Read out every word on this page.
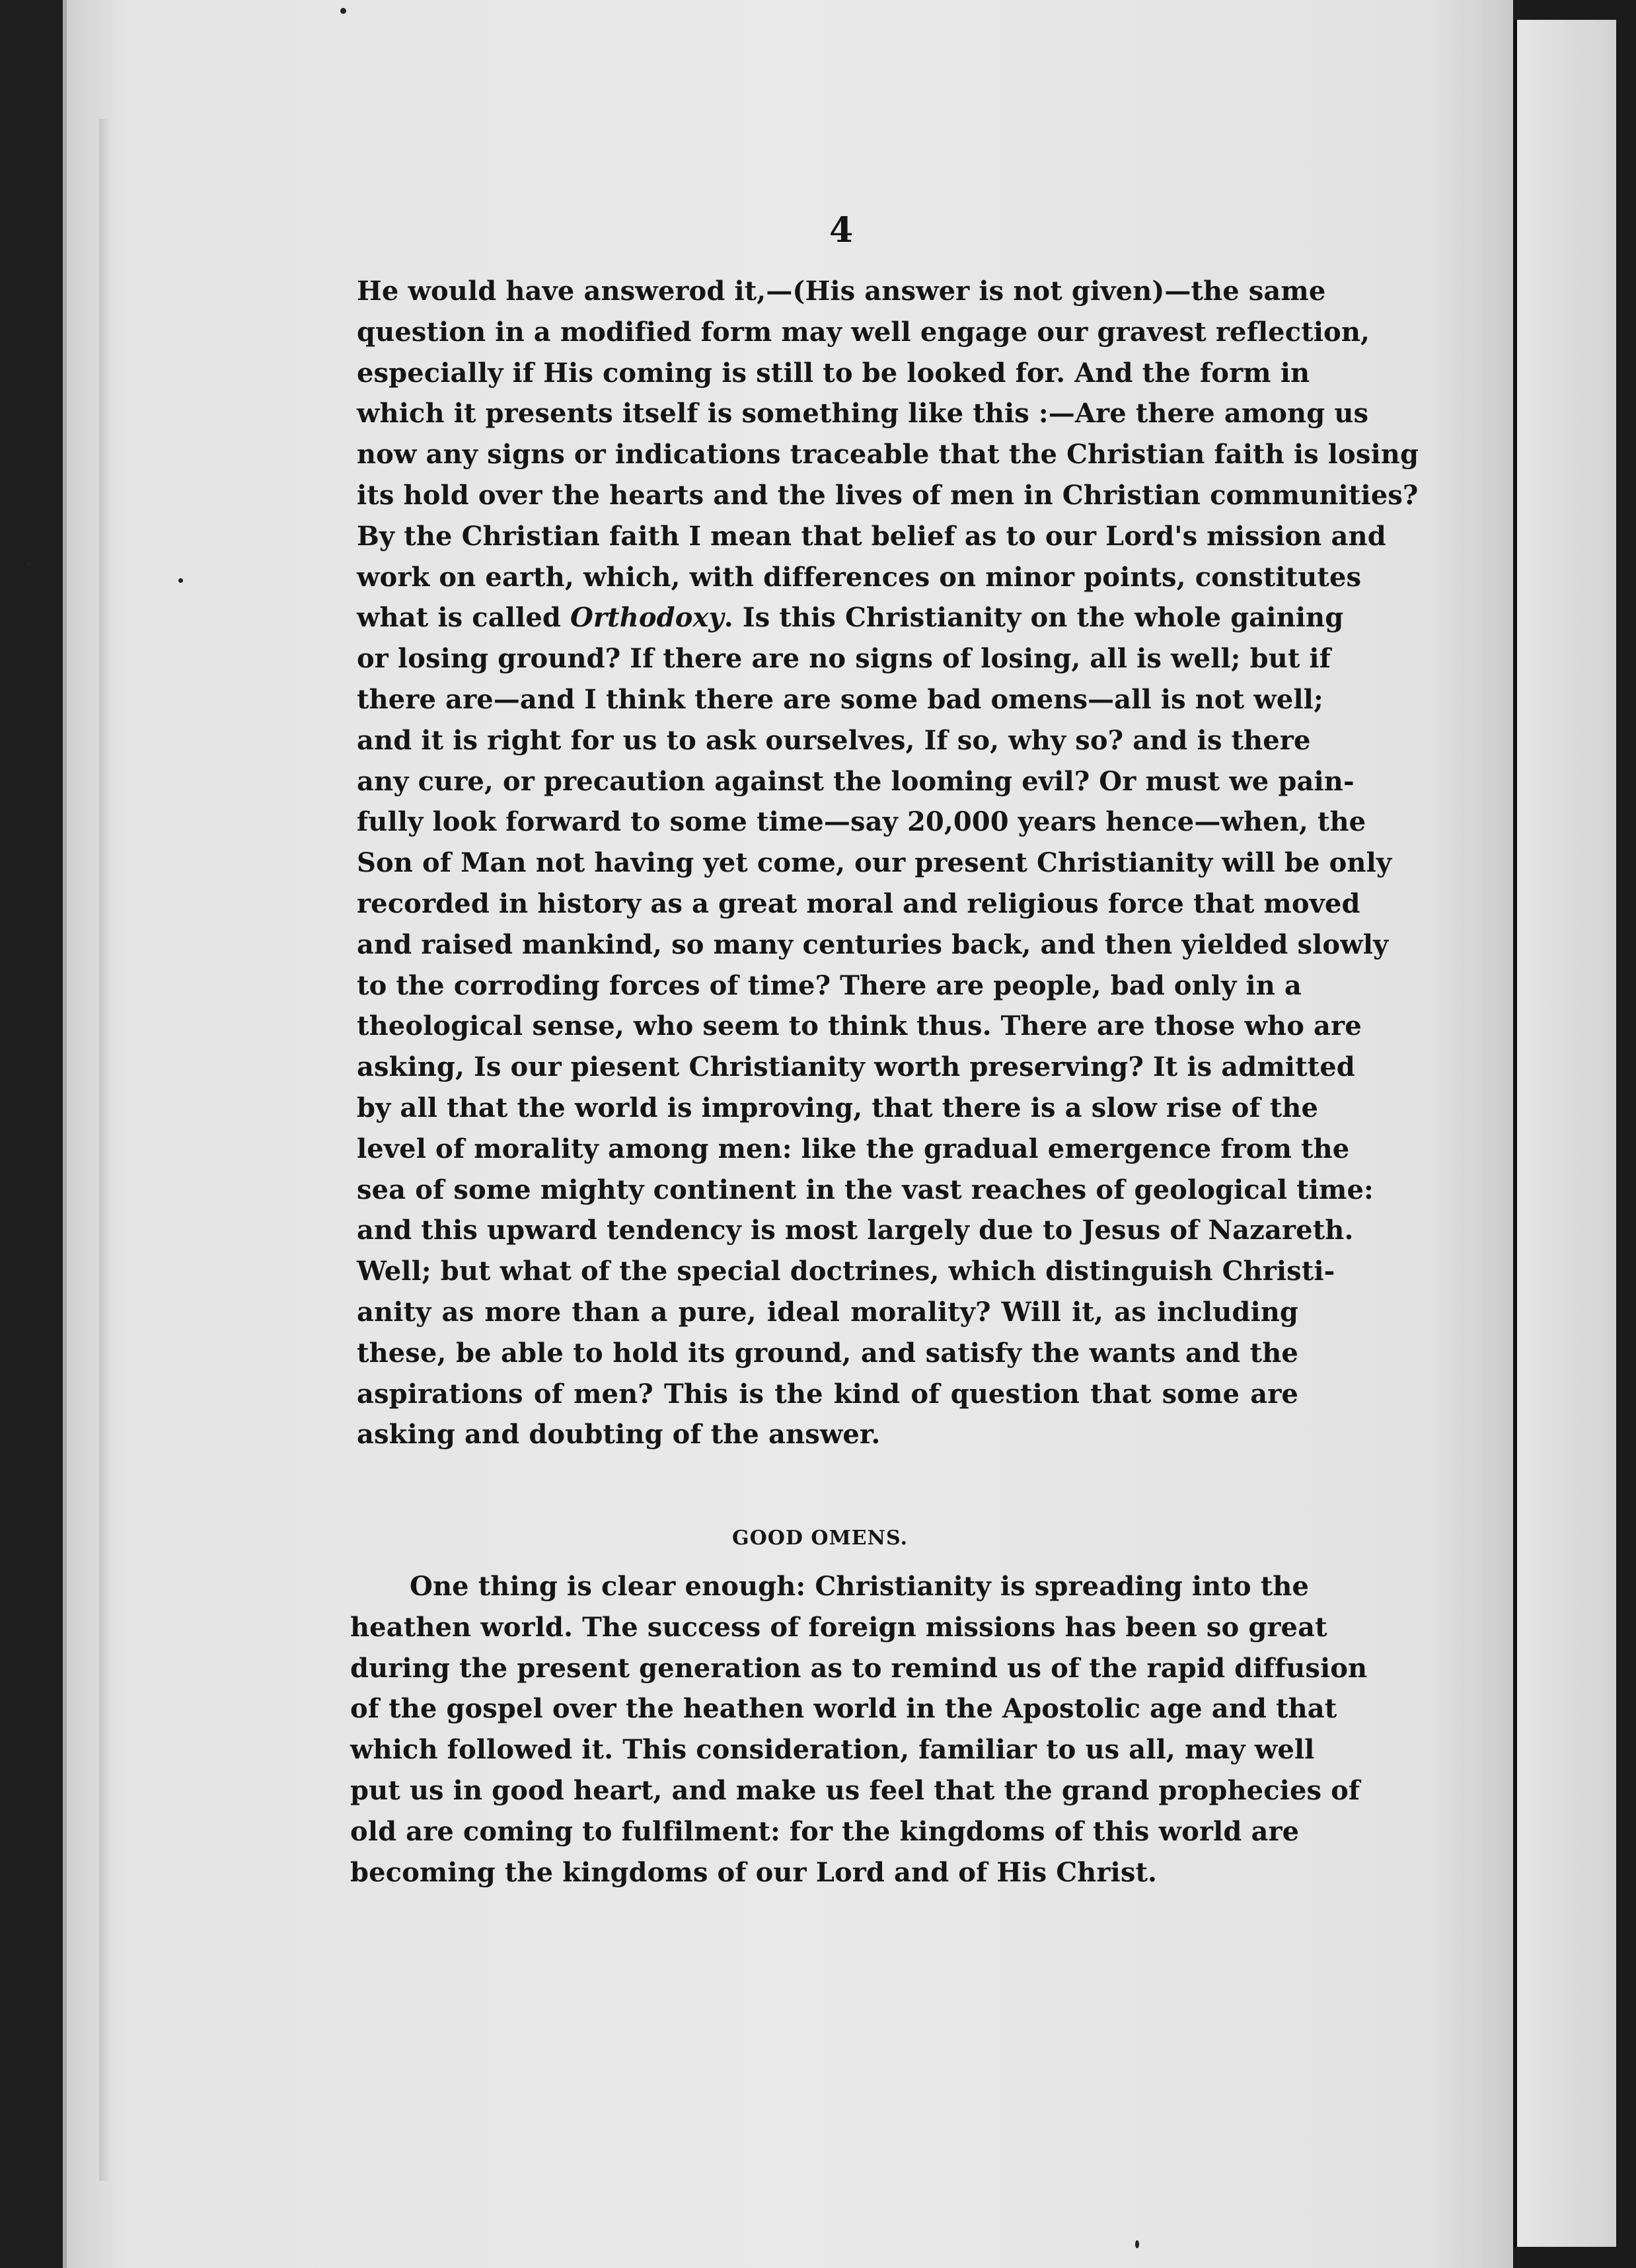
4
He would have answerod it,—(His answer is not given)—the same
question in a modified form may well engage our gravest reflection,
especially if His coming is still to be looked for. And the form in
which it presents itself is something like this :—Are there among us
now any signs or indications traceable that the Christian faith is losing
its hold over the hearts and the lives of men in Christian communities?
By the Christian faith I mean that belief as to our Lord's mission and
work on earth, which, with differences on minor points, constitutes
what is called Orthodoxy. Is this Christianity on the whole gaining
or losing ground? If there are no signs of losing, all is well; but if
there are—and I think there are some bad omens—all is not well;
and it is right for us to ask ourselves, If so, why so? and is there
any cure, or precaution against the looming evil? Or must we pain-
fully look forward to some time—say 20,000 years hence—when, the
Son of Man not having yet come, our present Christianity will be only
recorded in history as a great moral and religious force that moved
and raised mankind, so many centuries back, and then yielded slowly
to the corroding forces of time? There are people, bad only in a
theological sense, who seem to think thus. There are those who are
asking, Is our piesent Christianity worth preserving? It is admitted
by all that the world is improving, that there is a slow rise of the
level of morality among men: like the gradual emergence from the
sea of some mighty continent in the vast reaches of geological time:
and this upward tendency is most largely due to Jesus of Nazareth.
Well; but what of the special doctrines, which distinguish Christi-
anity as more than a pure, ideal morality? Will it, as including
these, be able to hold its ground, and satisfy the wants and the
aspirations of men? This is the kind of question that some are
asking and doubting of the answer.
GOOD OMENS.
One thing is clear enough: Christianity is spreading into the
heathen world. The success of foreign missions has been so great
during the present generation as to remind us of the rapid diffusion
of the gospel over the heathen world in the Apostolic age and that
which followed it. This consideration, familiar to us all, may well
put us in good heart, and make us feel that the grand prophecies of
old are coming to fulfilment: for the kingdoms of this world are
becoming the kingdoms of our Lord and of His Christ.
